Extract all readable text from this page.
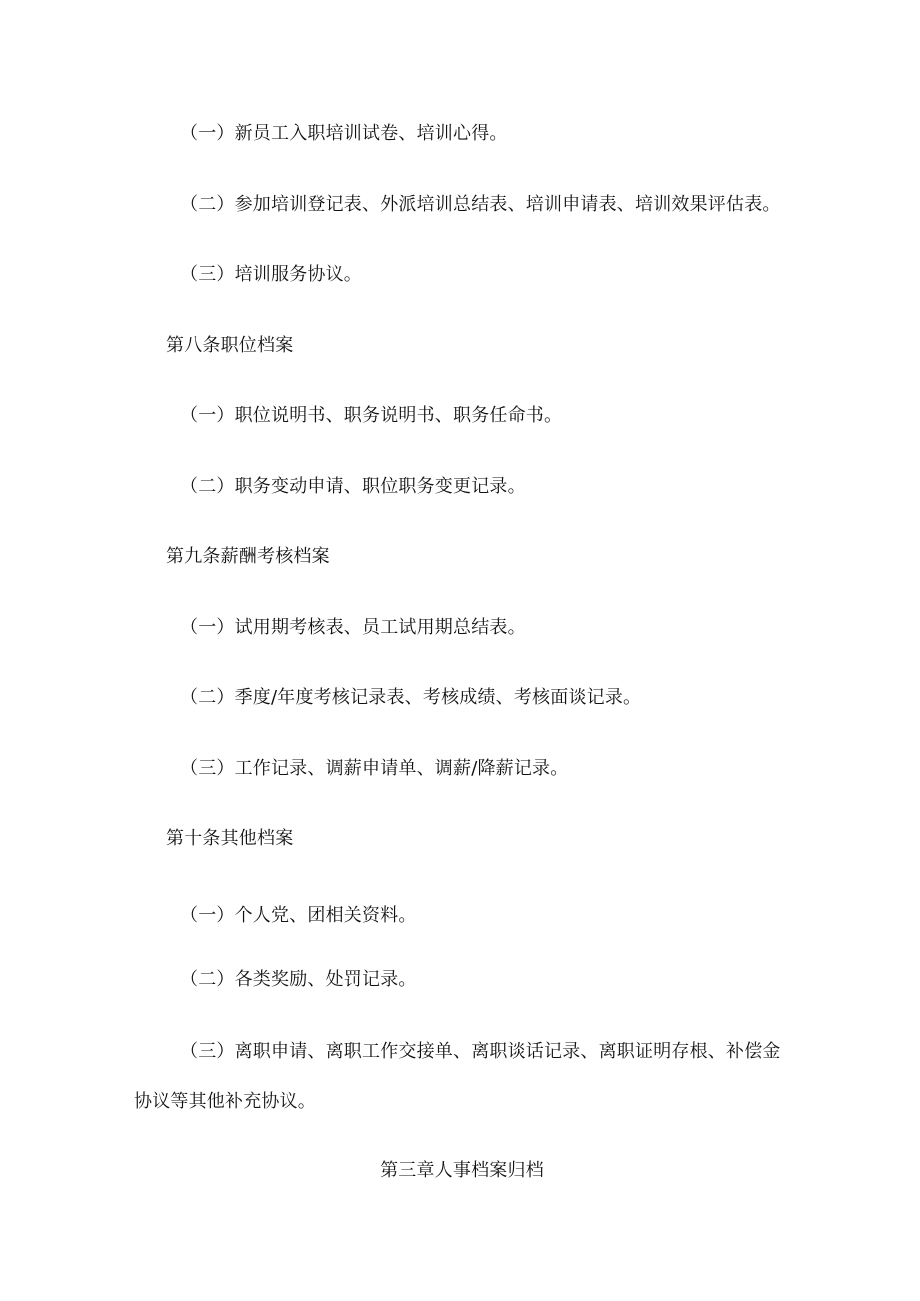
（一）新员工入职培训试卷、培训心得。

（二）参加培训登记表、外派培训总结表、培训申请表、培训效果评估表。

（三）培训服务协议。

第八条职位档案

（一）职位说明书、职务说明书、职务任命书。

（二）职务变动申请、职位职务变更记录。

第九条薪酬考核档案

（一）试用期考核表、员工试用期总结表。

（二）季度/年度考核记录表、考核成绩、考核面谈记录。

（三）工作记录、调薪申请单、调薪/降薪记录。

第十条其他档案

（一）个人党、团相关资料。

（二）各类奖励、处罚记录。

（三）离职申请、离职工作交接单、离职谈话记录、离职证明存根、补偿金

协议等其他补充协议。

第三章人事档案归档
